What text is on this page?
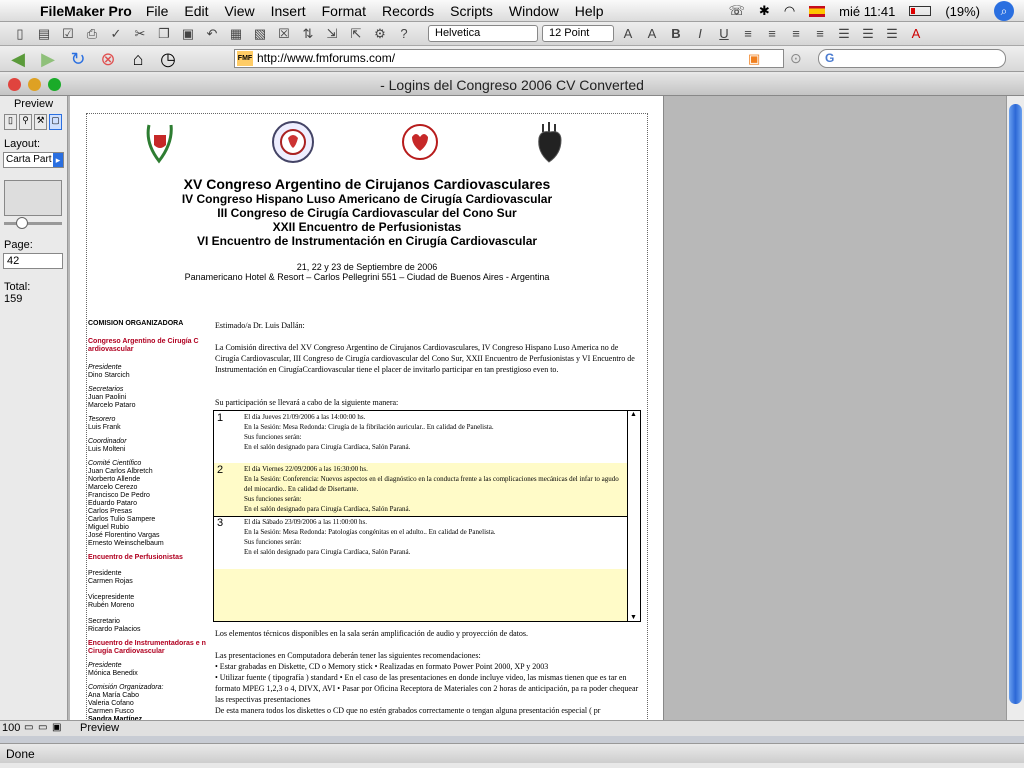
FileMaker Pro File Edit View Insert Format Records Scripts Window Help	☏ ✱ ◠	mié 11:41	(19%)	⌕
▯	▤ ☑ ⎙	✓	✂ ❐ ▣ ↶ ▦ ▧ ☒ ⇅	⇲	⇱ ⚙	?	Helvetica	12 Point	A	A	B	I	U	≡	≡	≡	≡	☰ ☰ ☰	A
◀ ▶ ↻ ⊗ ⌂ ◷	FMF http://www.fmforums.com/	▣ ⊙	G
- Logins del Congreso 2006 CV Converted
Preview
▯	⚲ ⚒ ▢
Layout:
Carta Part ▸
Page:
42
Total:
159
XV Congreso Argentino de Cirujanos Cardiovasculares
IV Congreso Hispano Luso Americano de Cirugía Cardiovascular
III Congreso de Cirugía Cardiovascular del Cono Sur
XXII Encuentro de Perfusionistas
VI Encuentro de Instrumentación en Cirugía Cardiovascular
21, 22 y 23 de Septiembre de 2006
Panamericano Hotel & Resort – Carlos Pellegrini 551 – Ciudad de Buenos Aires - Argentina
COMISION ORGANIZADORA
Congreso Argentino de Cirugía C ardiovascular
Presidente
Dino Starcich
Secretarios
Juan Paolini
Marcelo Pataro
Tesorero
Luis Frank
Coordinador
Luis Molteni
Comité Científico
Juan Carlos Albretch
Norberto Allende
Marcelo Cerezo
Francisco De Pedro
Eduardo Pataro
Carlos Presas
Carlos Tulio Sampere
Miguel Rubio
José Florentino Vargas
Ernesto Weinschelbaum
Encuentro de Perfusionistas
Presidente
Carmen Rojas
Vicepresidente
Rubén Moreno
Secretario
Ricardo Palacios
Encuentro de Instrumentadoras e n Cirugía Cardiovascular
Presidente
Mónica Benedix
Comisión Organizadora:
Ana María Cabo
Valeria Cofano
Carmen Fusco
Sandra Martínez
Estimado/a Dr. Luis Dallán:
La Comisión directiva del XV Congreso Argentino de Cirujanos Cardiovasculares, IV Congreso Hispano Luso America no de Cirugía Cardiovascular, III Congreso de Cirugía cardiovascular del Cono Sur, XXII Encuentro de Perfusionistas y VI Encuentro de Instrumentación en CirugíaCcardiovascular tiene el placer de invitarlo participar en tan prestigioso even to.
Su participación se llevará a cabo de la siguiente manera:
1	El día Jueves 21/09/2006 a las 14:00:00 hs.
En la Sesión: Mesa Redonda: Cirugía de la fibrilación auricular.. En calidad de Panelista.
Sus funciones serán:
En el salón designado para Cirugía Cardíaca, Salón Paraná.
2	El día Viernes 22/09/2006 a las 16:30:00 hs.
En la Sesión: Conferencia: Nuevos aspectos en el diagnóstico en la conducta frente a las complicaciones mecánicas del infar to agudo del miocardio.. En calidad de Disertante.
Sus funciones serán:
En el salón designado para Cirugía Cardíaca, Salón Paraná.
3	El día Sábado 23/09/2006 a las 11:00:00 hs.
En la Sesión: Mesa Redonda: Patologías congénitas en el adulto.. En calidad de Panelista.
Sus funciones serán:
En el salón designado para Cirugía Cardíaca, Salón Paraná.
▲
▼
Los elementos técnicos disponibles en la sala serán amplificación de audio y proyección de datos.
Las presentaciones en Computadora deberán tener las siguientes recomendaciones:
• Estar grabadas en Diskette, CD o Memory stick • Realizadas en formato Power Point 2000, XP y 2003
• Utilizar fuente ( tipografía ) standard • En el caso de las presentaciones en donde incluye video, las mismas tienen que es tar en formato MPEG 1,2,3 o 4, DIVX, AVI • Pasar por Oficina Receptora de Materiales con 2 horas de anticipación, pa ra poder chequear las respectivas presentaciones
De esta manera todos los diskettes o CD que no estén grabados correctamente o tengan alguna presentación especial ( pr
100 ▭ ▭ ▣ Preview
Done
